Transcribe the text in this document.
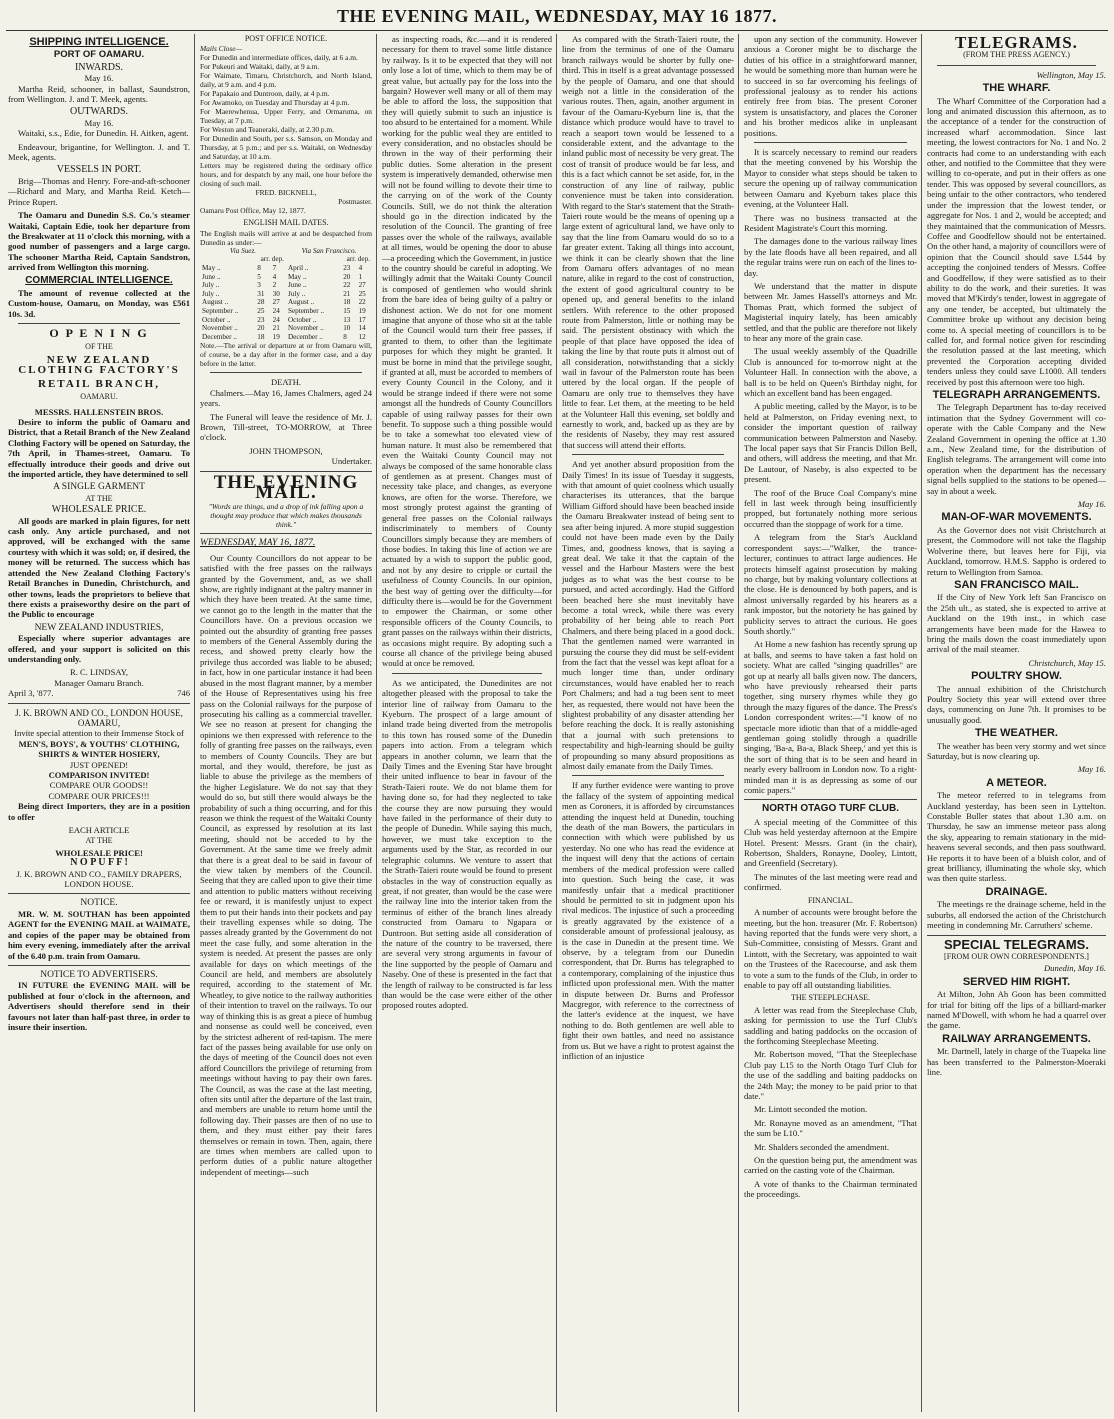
THE EVENING MAIL, WEDNESDAY, MAY 16 1877.
SHIPPING INTELLIGENCE.
PORT OF OAMARU.
INWARDS.
May 16.

Martha Reid, schooner, in ballast, Saundstron, from Wellington. J. and T. Meek, agents.

OUTWARDS.
May 16.

Waitaki, s.s., Edie, for Dunedin. H. Aitken, agent.

Endeavour, brigantine, for Wellington. J. and T. Meek, agents.

VESSELS IN PORT.

Brig—Thomas and Henry. Fore-and-aft-schooner—Richard and Mary, and Martha Reid. Ketch—Prince Rupert.

The Oamaru and Dunedin S.S. Co.'s steamer Waitaki, Captain Edie, took her departure from the Breakwater at 11 o'clock this morning, with a good number of passengers and a large cargo. The schooner Martha Reid, Captain Sandstron, arrived from Wellington this morning.

COMMERCIAL INTELLIGENCE.

The amount of revenue collected at the Custom-house, Oamaru, on Monday, was £561 10s. 3d.

O P E N I N G
OF THE
NEW ZEALAND CLOTHING FACTORY'S
RETAIL BRANCH,
OAMARU.
MESSRS. HALLENSTEIN BROS.

Desire to inform the public of Oamaru and District, that a Retail Branch of the New Zealand Clothing Factory will be opened on Saturday, the 7th April, in Thames-street, Oamaru. To effectually introduce their goods and drive out the imported article, they have determined to sell

A SINGLE GARMENT
AT THE
WHOLESALE PRICE.

All goods are marked in plain figures, for nett cash only. Any article purchased, and not approved, will be exchanged with the same courtesy with which it was sold; or, if desired, the money will be returned. The success which has attended the New Zealand Clothing Factory's Retail Branches in Dunedin, Christchurch, and other towns, leads the proprietors to believe that there exists a praiseworthy desire on the part of the Public to encourage

NEW ZEALAND INDUSTRIES,

Especially where superior advantages are offered, and your support is solicited on this understanding only.

R. C. LINDSAY,
Manager Oamaru Branch.
April 3, '877.	746
J. K. BROWN AND CO., LONDON HOUSE, OAMARU,
Invite special attention to their Immense Stock of
MEN'S, BOYS', & YOUTHS' CLOTHING, SHIRTS & WINTER HOSIERY,
JUST OPENED!
COMPARISON INVITED!
COMPARE OUR GOODS!!
COMPARE OUR PRICES!!!

Being direct Importers, they are in a position to offer

EACH ARTICLE
AT THE
WHOLESALE PRICE!
N O P U F F !
J. K. BROWN AND CO., FAMILY DRAPERS, LONDON HOUSE.
NOTICE.

MR. W. M. SOUTHAN has been appointed AGENT for the EVENING MAIL at WAIMATE, and copies of the paper may be obtained from him every evening, immediately after the arrival of the 6.40 p.m. train from Oamaru.

NOTICE TO ADVERTISERS.

IN FUTURE the EVENING MAIL will be published at four o'clock in the afternoon, and Advertisers should therefore send in their favours not later than half-past three, in order to insure their insertion.

POST OFFICE NOTICE.
Mails Close—
For Dunedin and intermediate offices, daily, at 6 a.m.
For Pukeuri and Waitaki, daily, at 9 a.m.
For Waimate, Timaru, Christchurch, and North Island, daily, at 9 a.m. and 4 p.m.
For Papakaio and Duntroon, daily, at 4 p.m.
For Awamoko, on Tuesday and Thursday at 4 p.m.
For Maerewhenua, Upper Ferry, and Ormaruma, on Tuesday, at 7 p.m.
For Weston and Teaneraki, daily, at 2.30 p.m.
For Dunedin and South, per s.s. Samson, on Monday and Thursday, at 5 p.m.; and per s.s. Waitaki, on Wednesday and Saturday, at 10 a.m.
Letters may be registered during the ordinary office hours, and for despatch by any mail, one hour before the closing of such mail.
FRED. BICKNELL,
Postmaster.
Oamaru Post Office, May 12, 1877.
ENGLISH MAIL DATES.
The English mails will arrive at and be despatched from Dunedin as under:—
Via Suez.			Via San Francisco.		
arr. dep.			arr. dep.		
May ..	8	7	April ..	23	4
June ..	5	4	May ..	20	1
July ..	3	2	June ..	22	27
July ..	31	30	July ..	21	25
August ..	28	27	August ..	18	22
September ..	25	24	September ..	15	19
October ..	23	24	October ..	13	17
November ..	20	21	November ..	10	14
December ..	18	19	December ..	8	12
Note.—The arrival or departure at or from Oamaru will, of course, be a day after in the former case, and a day before in the latter.
DEATH.

Chalmers.—May 16, James Chalmers, aged 24 years.

The Funeral will leave the residence of Mr. J. Brown, Till-street, TO-MORROW, at Three o'clock.

JOHN THOMPSON,
Undertaker.
THE EVENING MAIL.
"Words are things, and a drop of ink falling upon a thought may produce that which makes thousands think."
WEDNESDAY, MAY 16, 1877.

Our County Councillors do not appear to be satisfied with the free passes on the railways granted by the Government, and, as we shall show, are rightly indignant at the paltry manner in which they have been treated. At the same time, we cannot go to the length in the matter that the Councillors have. On a previous occasion we pointed out the absurdity of granting free passes to members of the General Assembly during the recess, and showed pretty clearly how the privilege thus accorded was liable to be abused; in fact, how in one particular instance it had been abused in the most flagrant manner, by a member of the House of Representatives using his free pass on the Colonial railways for the purpose of prosecuting his calling as a commercial traveller. We see no reason at present for changing the opinions we then expressed with reference to the folly of granting free passes on the railways, even to members of County Councils. They are but mortal, and they would, therefore, be just as liable to abuse the privilege as the members of the higher Legislature. We do not say that they would do so, but still there would always be the probability of such a thing occurring, and for this reason we think the request of the Waitaki County Council, as expressed by resolution at its last meeting, should not be acceded to by the Government. At the same time we freely admit that there is a great deal to be said in favour of the view taken by members of the Council. Seeing that they are called upon to give their time and attention to public matters without receiving fee or reward, it is manifestly unjust to expect them to put their hands into their pockets and pay their travelling expenses while so doing. The passes already granted by the Government do not meet the case fully, and some alteration in the system is needed. At present the passes are only available for days on which meetings of the Council are held, and members are absolutely required, according to the statement of Mr. Wheatley, to give notice to the railway authorities of their intention to travel on the railways. To our way of thinking this is as great a piece of humbug and nonsense as could well be conceived, even by the strictest adherent of red-tapism. The mere fact of the passes being available for use only on the days of meeting of the Council does not even afford Councillors the privilege of returning from meetings without having to pay their own fares. The Council, as was the case at the last meeting, often sits until after the departure of the last train, and members are unable to return home until the following day. Their passes are then of no use to them, and they must either pay their fares themselves or remain in town. Then, again, there are times when members are called upon to perform duties of a public nature altogether independent of meetings—such

as inspecting roads, &c.—and it is rendered necessary for them to travel some little distance by railway. Is it to be expected that they will not only lose a lot of time, which to them may be of great value, but actually pay for the loss into the bargain? However well many or all of them may be able to afford the loss, the supposition that they will quietly submit to such an injustice is too absurd to be entertained for a moment. While working for the public weal they are entitled to every consideration, and no obstacles should be thrown in the way of their performing their public duties. Some alteration in the present system is imperatively demanded, otherwise men will not be found willing to devote their time to the carrying on of the work of the County Councils. Still, we do not think the alteration should go in the direction indicated by the resolution of the Council. The granting of free passes over the whole of the railways, available at all times, would be opening the door to abuse—a proceeding which the Government, in justice to the country should be careful in adopting. We willingly admit that the Waitaki County Council is composed of gentlemen who would shrink from the bare idea of being guilty of a paltry or dishonest action. We do not for one moment imagine that anyone of those who sit at the table of the Council would turn their free passes, if granted to them, to other than the legitimate purposes for which they might be granted. It must be borne in mind that the privilege sought, if granted at all, must be accorded to members of every County Council in the Colony, and it would be strange indeed if there were not some amongst all the hundreds of County Councillors capable of using railway passes for their own benefit. To suppose such a thing possible would be to take a somewhat too elevated view of human nature. It must also be remembered that even the Waitaki County Council may not always be composed of the same honorable class of gentlemen as at present. Changes must of necessity take place, and changes, as everyone knows, are often for the worse. Therefore, we most strongly protest against the granting of general free passes on the Colonial railways indiscriminately to members of County Councillors simply because they are members of those bodies. In taking this line of action we are actuated by a wish to support the public good, and not by any desire to cripple or curtail the usefulness of County Councils. In our opinion, the best way of getting over the difficulty—for difficulty there is—would be for the Government to empower the Chairman, or some other responsible officers of the County Councils, to grant passes on the railways within their districts, as occasions might require. By adopting such a course all chance of the privilege being abused would at once be removed.

As we anticipated, the Dunedinites are not altogether pleased with the proposal to take the interior line of railway from Oamaru to the Kyeburn. The prospect of a large amount of inland trade being diverted from the metropolis to this town has roused some of the Dunedin papers into action. From a telegram which appears in another column, we learn that the Daily Times and the Evening Star have brought their united influence to bear in favour of the Strath-Taieri route. We do not blame them for having done so, for had they neglected to take the course they are now pursuing they would have failed in the performance of their duty to the people of Dunedin. While saying this much, however, we must take exception to the arguments used by the Star, as recorded in our telegraphic columns. We venture to assert that the Strath-Taieri route would be found to present obstacles in the way of construction equally as great, if not greater, than would be the case were the railway line into the interior taken from the terminus of either of the branch lines already constructed from Oamaru to Ngapara or Duntroon. But setting aside all consideration of the nature of the country to be traversed, there are several very strong arguments in favour of the line supported by the people of Oamaru and Naseby. One of these is presented in the fact that the length of railway to be constructed is far less than would be the case were either of the other proposed routes adopted.

As compared with the Strath-Taieri route, the line from the terminus of one of the Oamaru branch railways would be shorter by fully one-third. This in itself is a great advantage possessed by the people of Oamaru, and one that should weigh not a little in the consideration of the various routes. Then, again, another argument in favour of the Oamaru-Kyeburn line is, that the distance which produce would have to travel to reach a seaport town would be lessened to a considerable extent, and the advantage to the inland public most of necessity be very great. The cost of transit of produce would be far less, and this is a fact which cannot be set aside, for, in the construction of any line of railway, public convenience must be taken into consideration. With regard to the Star's statement that the Strath-Taieri route would be the means of opening up a large extent of agricultural land, we have only to say that the line from Oamaru would do so to a far greater extent. Taking all things into account, we think it can be clearly shown that the line from Oamaru offers advantages of no mean nature, alike in regard to the cost of construction, the extent of good agricultural country to be opened up, and general benefits to the inland settlers. With reference to the other proposed route from Palmerston, little or nothing may be said. The persistent obstinacy with which the people of that place have opposed the idea of taking the line by that route puts it almost out of all consideration, notwithstanding that a sickly wail in favour of the Palmerston route has been uttered by the local organ. If the people of Oamaru are only true to themselves they have little to fear. Let them, at the meeting to be held at the Volunteer Hall this evening, set boldly and earnestly to work, and, backed up as they are by the residents of Naseby, they may rest assured that success will attend their efforts.

And yet another absurd proposition from the Daily Times! In its issue of Tuesday it suggests, with that amount of quiet coolness which usually characterises its utterances, that the barque William Gifford should have been beached inside the Oamaru Breakwater instead of being sent to sea after being injured. A more stupid suggestion could not have been made even by the Daily Times, and, goodness knows, that is saying a great deal. We take it that the captain of the vessel and the Harbour Masters were the best judges as to what was the best course to be pursued, and acted accordingly. Had the Gifford been beached here she must inevitably have become a total wreck, while there was every probability of her being able to reach Port Chalmers, and there being placed in a good dock. That the gentlemen named were warranted in pursuing the course they did must be self-evident from the fact that the vessel was kept afloat for a much longer time than, under ordinary circumstances, would have enabled her to reach Port Chalmers; and had a tug been sent to meet her, as requested, there would not have been the slightest probability of any disaster attending her before reaching the dock. It is really astonishing that a journal with such pretensions to respectability and high-learning should be guilty of propounding so many absurd propositions as almost daily emanate from the Daily Times.

If any further evidence were wanting to prove the fallacy of the system of appointing medical men as Coroners, it is afforded by circumstances attending the inquest held at Dunedin, touching the death of the man Bowers, the particulars in connection with which were published by us yesterday. No one who has read the evidence at the inquest will deny that the actions of certain members of the medical profession were called into question. Such being the case, it was manifestly unfair that a medical practitioner should be permitted to sit in judgment upon his rival medicos. The injustice of such a proceeding is greatly aggravated by the existence of a considerable amount of professional jealousy, as is the case in Dunedin at the present time. We observe, by a telegram from our Dunedin correspondent, that Dr. Burns has telegraphed to a contemporary, complaining of the injustice thus inflicted upon professional men. With the matter in dispute between Dr. Burns and Professor Macgregor, with reference to the correctness of the latter's evidence at the inquest, we have nothing to do. Both gentlemen are well able to fight their own battles, and need no assistance from us. But we have a right to protest against the infliction of an injustice

upon any section of the community. However anxious a Coroner might be to discharge the duties of his office in a straightforward manner, he would be something more than human were he to succeed in so far overcoming his feelings of professional jealousy as to render his actions entirely free from bias. The present Coroner system is unsatisfactory, and places the Coroner and his brother medicos alike in unpleasant positions.

It is scarcely necessary to remind our readers that the meeting convened by his Worship the Mayor to consider what steps should be taken to secure the opening up of railway communication between Oamaru and Kyeburn takes place this evening, at the Volunteer Hall.

There was no business transacted at the Resident Magistrate's Court this morning.

The damages done to the various railway lines by the late floods have all been repaired, and all the regular trains were run on each of the lines to-day.

We understand that the matter in dispute between Mr. James Hassell's attorneys and Mr. Thomas Pratt, which formed the subject of Magisterial inquiry lately, has been amicably settled, and that the public are therefore not likely to hear any more of the grain case.

The usual weekly assembly of the Quadrille Club is announced for to-morrow night at the Volunteer Hall. In connection with the above, a ball is to be held on Queen's Birthday night, for which an excellent band has been engaged.

A public meeting, called by the Mayor, is to be held at Palmerston, on Friday evening next, to consider the important question of railway communication between Palmerston and Naseby. The local paper says that Sir Francis Dillon Bell, and others, will address the meeting, and that Mr. De Lautour, of Naseby, is also expected to be present.

The roof of the Bruce Coal Company's mine fell in last week through being insufficiently propped, but fortunately nothing more serious occurred than the stoppage of work for a time.

A telegram from the Star's Auckland correspondent says:—"Walker, the trance-lecturer, continues to attract large audiences. He protects himself against prosecution by making no charge, but by making voluntary collections at the close. He is denounced by both papers, and is almost universally regarded by his hearers as a rank impostor, but the notoriety he has gained by publicity serves to attract the curious. He goes South shortly."

At Home a new fashion has recently sprung up at balls, and seems to have taken a fast hold on society. What are called "singing quadrilles" are got up at nearly all balls given now. The dancers, who have previously rehearsed their parts together, sing nursery rhymes while they go through the mazy figures of the dance. The Press's London correspondent writes:—"I know of no spectacle more idiotic than that of a middle-aged gentleman going stolidly through a quadrille singing, 'Ba-a, Ba-a, Black Sheep,' and yet this is the sort of thing that is to be seen and heard in nearly every ballroom in London now. To a right-minded man it is as depressing as some of our comic papers."

NORTH OTAGO TURF CLUB.

A special meeting of the Committee of this Club was held yesterday afternoon at the Empire Hotel. Present: Messrs. Grant (in the chair), Robertson, Shalders, Ronayne, Dooley, Lintott, and Greenfield (Secretary).

The minutes of the last meeting were read and confirmed.

FINANCIAL.

A number of accounts were brought before the meeting, but the hon. treasurer (Mr. F. Robertson) having reported that the funds were very short, a Sub-Committee, consisting of Messrs. Grant and Lintott, with the Secretary, was appointed to wait on the Trustees of the Racecourse, and ask them to vote a sum to the funds of the Club, in order to enable to pay off all outstanding liabilities.

THE STEEPLECHASE.

A letter was read from the Steeplechase Club, asking for permission to use the Turf Club's saddling and bating paddocks on the occasion of the forthcoming Steeplechase Meeting.

Mr. Robertson moved, "That the Steeplechase Club pay L15 to the North Otago Turf Club for the use of the saddling and baiting paddocks on the 24th May; the money to be paid prior to that date."

Mr. Lintott seconded the motion.

Mr. Ronayne moved as an amendment, "That the sum be L10."

Mr. Shalders seconded the amendment.

On the question being put, the amendment was carried on the casting vote of the Chairman.

A vote of thanks to the Chairman terminated the proceedings.

TELEGRAMS.
(FROM THE PRESS AGENCY.)
Wellington, May 15.
THE WHARF.

The Wharf Committee of the Corporation had a long and animated discussion this afternoon, as to the acceptance of a tender for the construction of increased wharf accommodation. Since last meeting, the lowest contractors for No. 1 and No. 2 contracts had come to an understanding with each other, and notified to the Committee that they were willing to co-operate, and put in their offers as one tender. This was opposed by several councillors, as being unfair to the other contractors, who tendered under the impression that the lowest tender, or aggregate for Nos. 1 and 2, would be accepted; and they maintained that the communication of Messrs. Coffee and Goodfellow should not be entertained. On the other hand, a majority of councillors were of opinion that the Council should save L544 by accepting the conjoined tenders of Messrs. Coffee and Goodfellow, if they were satisfied as to their ability to do the work, and their sureties. It was moved that M'Kirdy's tender, lowest in aggregate of any one tender, be accepted, but ultimately the Committee broke up without any decision being come to. A special meeting of councillors is to be called for, and formal notice given for rescinding the resolution passed at the last meeting, which prevented the Corporation accepting divided tenders unless they could save L1000. All tenders received by post this afternoon were too high.

TELEGRAPH ARRANGEMENTS.

The Telegraph Department has to-day received intimation that the Sydney Government will co-operate with the Cable Company and the New Zealand Government in opening the office at 1.30 a.m., New Zealand time, for the distribution of English telegrams. The arrangement will come into operation when the department has the necessary signal bells supplied to the stations to be opened—say in about a week.

May 16.
MAN-OF-WAR MOVEMENTS.

As the Governor does not visit Christchurch at present, the Commodore will not take the flagship Wolverine there, but leaves here for Fiji, via Auckland, tomorrow. H.M.S. Sappho is ordered to return to Wellington from Samoa.

SAN FRANCISCO MAIL.

If the City of New York left San Francisco on the 25th ult., as stated, she is expected to arrive at Auckland on the 19th inst., in which case arrangements have been made for the Hawea to bring the mails down the coast immediately upon arrival of the mail steamer.

Christchurch, May 15.
POULTRY SHOW.

The annual exhibition of the Christchurch Poultry Society this year will extend over three days, commencing on June 7th. It promises to be unusually good.

THE WEATHER.

The weather has been very stormy and wet since Saturday, but is now clearing up.

May 16.
A METEOR.

The meteor referred to in telegrams from Auckland yesterday, has been seen in Lyttelton. Constable Buller states that about 1.30 a.m. on Thursday, he saw an immense meteor pass along the sky, appearing to remain stationary in the mid-heavens several seconds, and then pass southward. He reports it to have been of a bluish color, and of great brilliancy, illuminating the whole sky, which was then quite starless.

DRAINAGE.

The meetings re the drainage scheme, held in the suburbs, all endorsed the action of the Christchurch meeting in condemning Mr. Carruthers' scheme.

SPECIAL TELEGRAMS.
[FROM OUR OWN CORRESPONDENTS.]
Dunedin, May 16.
SERVED HIM RIGHT.

At Milton, John Ah Goon has been committed for trial for biting off the lips of a billiard-marker named M'Dowell, with whom he had a quarrel over the game.

RAILWAY ARRANGEMENTS.

Mr. Dartnell, lately in charge of the Tuapeka line has been transferred to the Palmerston-Moeraki line.
